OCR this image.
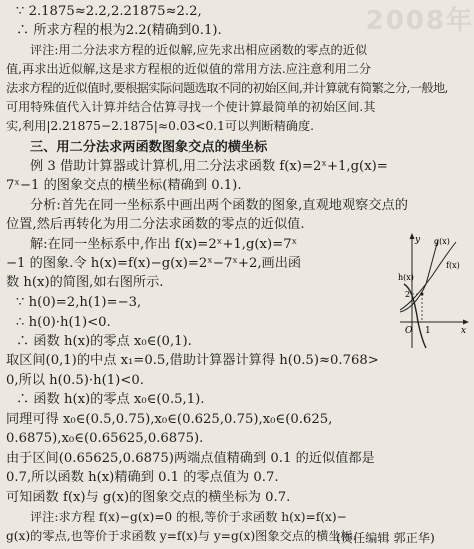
2008年
∵ 2.1875≈2.2,2.21875≈2.2,
∴ 所求方程的根为2.2(精确到0.1).
评注:用二分法求方程的近似解,应先求出相应函数的零点的近似
值,再求出近似解,这是求方程根的近似值的常用方法.应注意利用二分
法求方程的近似值时,要根据实际问题选取不同的初始区间,并计算就有简繁之分,一般地,
可用特殊值代入计算并结合估算寻找一个使计算最简单的初始区间.其
实,利用|2.21875−2.1875|≈0.03<0.1可以判断精确度.
三、用二分法求两函数图象交点的横坐标
例 3 借助计算器或计算机,用二分法求函数 f(x)=2ˣ+1,g(x)=
7ˣ−1 的图象交点的横坐标(精确到 0.1).
分析:首先在同一坐标系中画出两个函数的图象,直观地观察交点的
位置,然后再转化为用二分法求函数的零点的近似值.
解:在同一坐标系中,作出 f(x)=2ˣ+1,g(x)=7ˣ
−1 的图象.令 h(x)=f(x)−g(x)=2ˣ−7ˣ+2,画出函
数 h(x)的简图,如右图所示.
∵ h(0)=2,h(1)=−3,
∴ h(0)·h(1)<0.
∴ 函数 h(x)的零点 x₀∈(0,1).
取区间(0,1)的中点 x₁=0.5,借助计算器计算得 h(0.5)≈0.768>
0,所以 h(0.5)·h(1)<0.
∴ 函数 h(x)的零点 x₀∈(0.5,1).
同理可得 x₀∈(0.5,0.75),x₀∈(0.625,0.75),x₀∈(0.625,
0.6875),x₀∈(0.65625,0.6875).
由于区间(0.65625,0.6875)两端点值精确到 0.1 的近似值都是
0.7,所以函数 h(x)精确到 0.1 的零点值为 0.7.
可知函数 f(x)与 g(x)的图象交点的横坐标为 0.7.
评注:求方程 f(x)−g(x)=0 的根,等价于求函数 h(x)=f(x)−
g(x)的零点,也等价于求函数 y=f(x)与 y=g(x)图象交点的横坐标.
(责任编辑 郭正华)
y
x
O 1
g(x)
f(x)
h(x)
2
